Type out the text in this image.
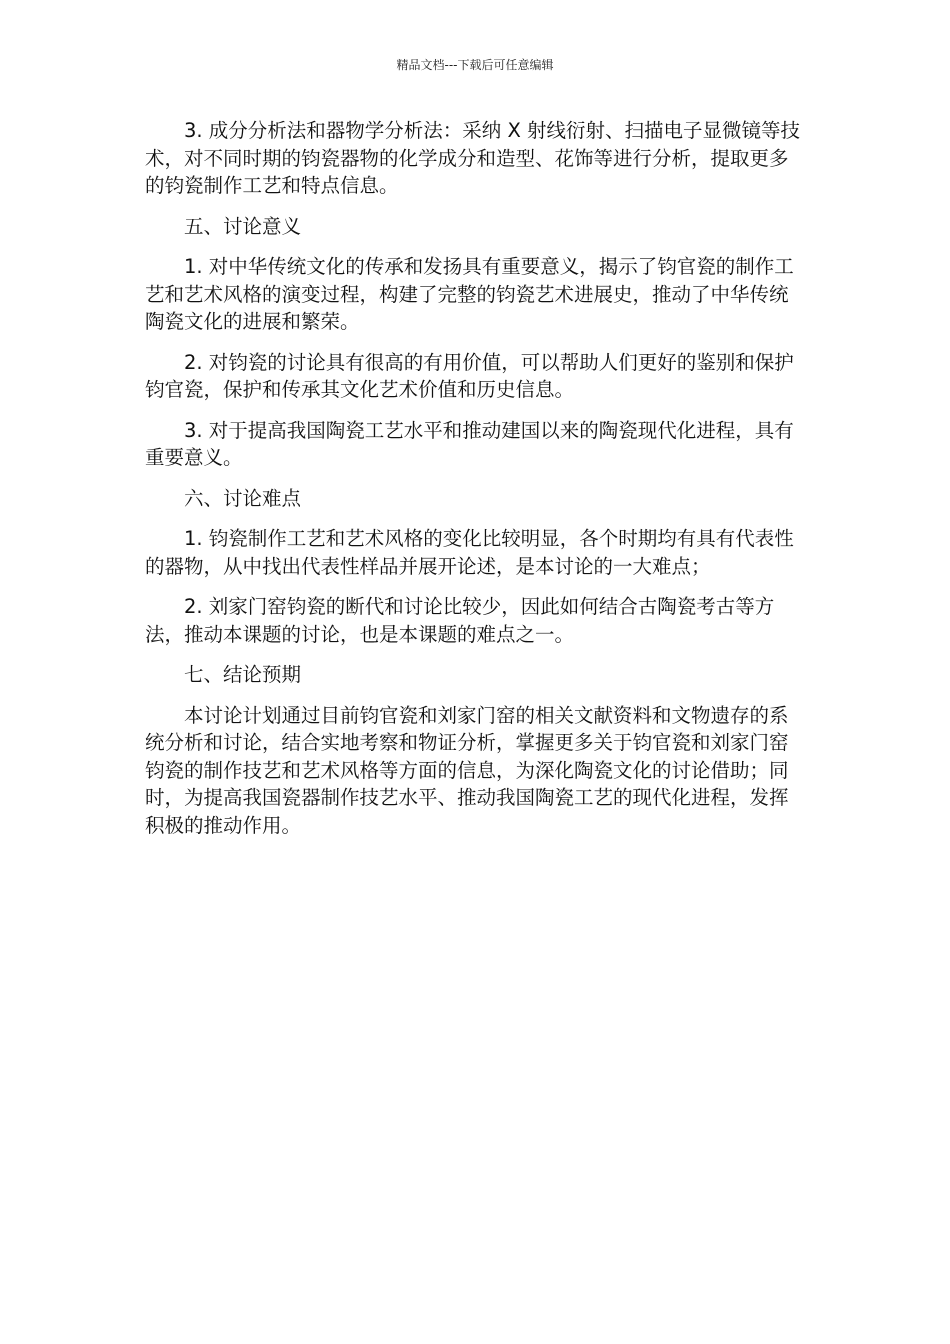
精品文档---下载后可任意编辑

3. 成分分析法和器物学分析法：采纳 X 射线衍射、扫描电子显微镜等技术，对不同时期的钧瓷器物的化学成分和造型、花饰等进行分析，提取更多的钧瓷制作工艺和特点信息。

五、讨论意义

1. 对中华传统文化的传承和发扬具有重要意义，揭示了钧官瓷的制作工艺和艺术风格的演变过程，构建了完整的钧瓷艺术进展史，推动了中华传统陶瓷文化的进展和繁荣。

2. 对钧瓷的讨论具有很高的有用价值，可以帮助人们更好的鉴别和保护钧官瓷，保护和传承其文化艺术价值和历史信息。

3. 对于提高我国陶瓷工艺水平和推动建国以来的陶瓷现代化进程，具有重要意义。

六、讨论难点

1. 钧瓷制作工艺和艺术风格的变化比较明显，各个时期均有具有代表性的器物，从中找出代表性样品并展开论述，是本讨论的一大难点；

2. 刘家门窑钧瓷的断代和讨论比较少，因此如何结合古陶瓷考古等方法，推动本课题的讨论，也是本课题的难点之一。

七、结论预期

本讨论计划通过目前钧官瓷和刘家门窑的相关文献资料和文物遗存的系统分析和讨论，结合实地考察和物证分析，掌握更多关于钧官瓷和刘家门窑钧瓷的制作技艺和艺术风格等方面的信息，为深化陶瓷文化的讨论借助；同时，为提高我国瓷器制作技艺水平、推动我国陶瓷工艺的现代化进程，发挥积极的推动作用。
